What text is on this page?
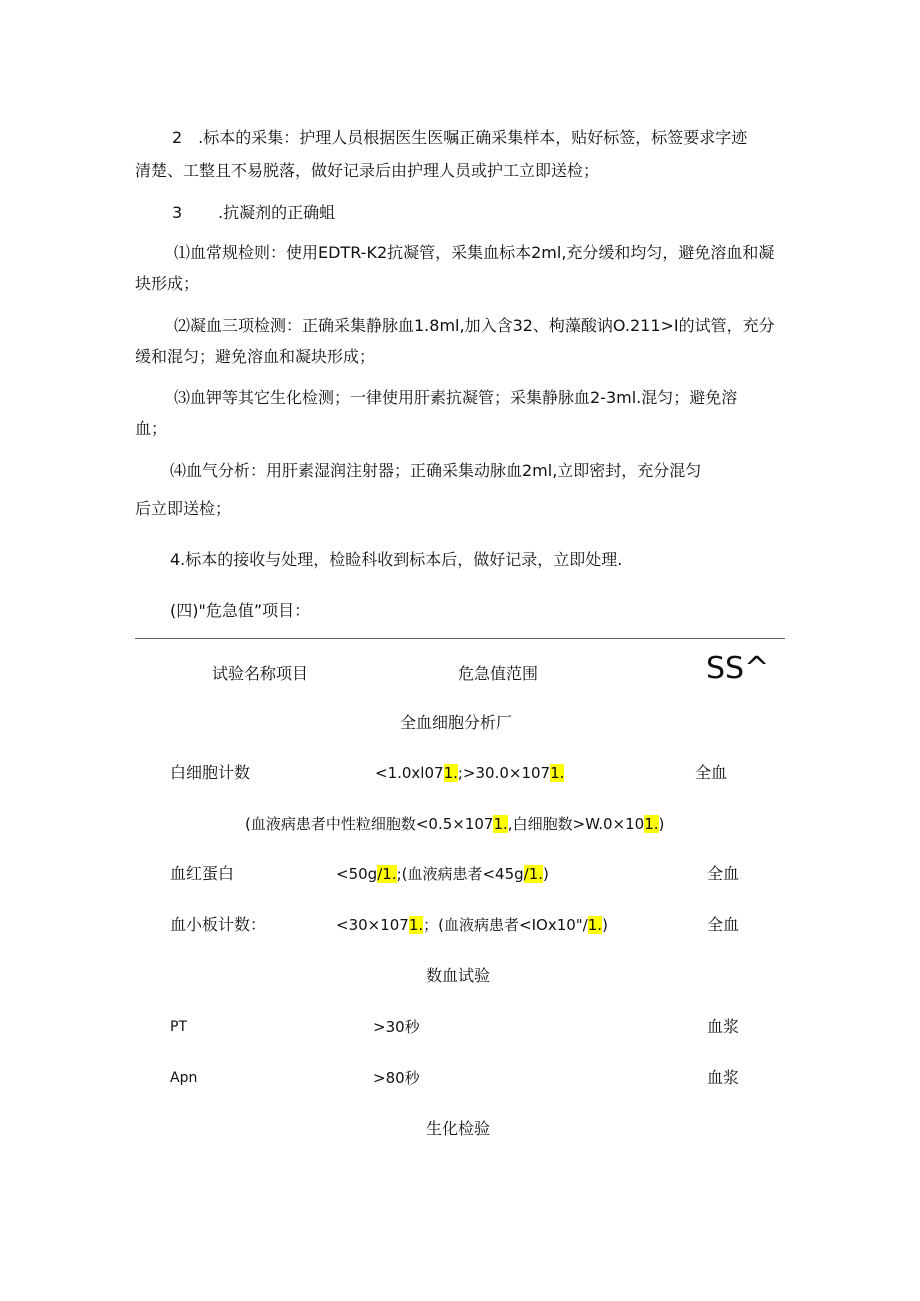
2　.标本的采集：护理人员根据医生医嘱正确采集样本，贴好标签，标签要求字迹
清楚、工整且不易脱落，做好记录后由护理人员或护工立即送检；
3 .抗凝剂的正确蛆
⑴血常规检则：使用EDTR-K2抗凝管，采集血标本2ml,充分缓和均匀，避免溶血和凝
块形成；
⑵凝血三项检测：正确采集静脉血1.8ml,加入含32、枸藻酸讷O.211>I的试管，充分
缓和混匀；避免溶血和凝块形成；
⑶血钾等其它生化检测；一律使用肝素抗凝管；采集静脉血2-3ml.混匀；避免溶
血；
⑷血气分析：用肝素湿润注射器；正确采集动脉血2ml,立即密封，充分混匀
后立即送检；
4.标本的接收与处理，检睑科收到标本后，做好记录，立即处理.
(四)"危急值”项目：
试验名称项目	危急值范围	SS^
全血细胞分析厂
白细胞计数	<1.0xl071.;>30.0×1071.	全血
(血液病患者中性粒细胞数<0.5×1071.,白细胞数>W.0×101.)
血红蛋白	<50g∕1.;(血液病患者<45g∕1.)	全血
血小板计数：	<30×1071.；(血液病患者<IOx10"/1.)	全血
数血试验
PT	>30秒	血浆
Apn	>80秒	血浆
生化检验
